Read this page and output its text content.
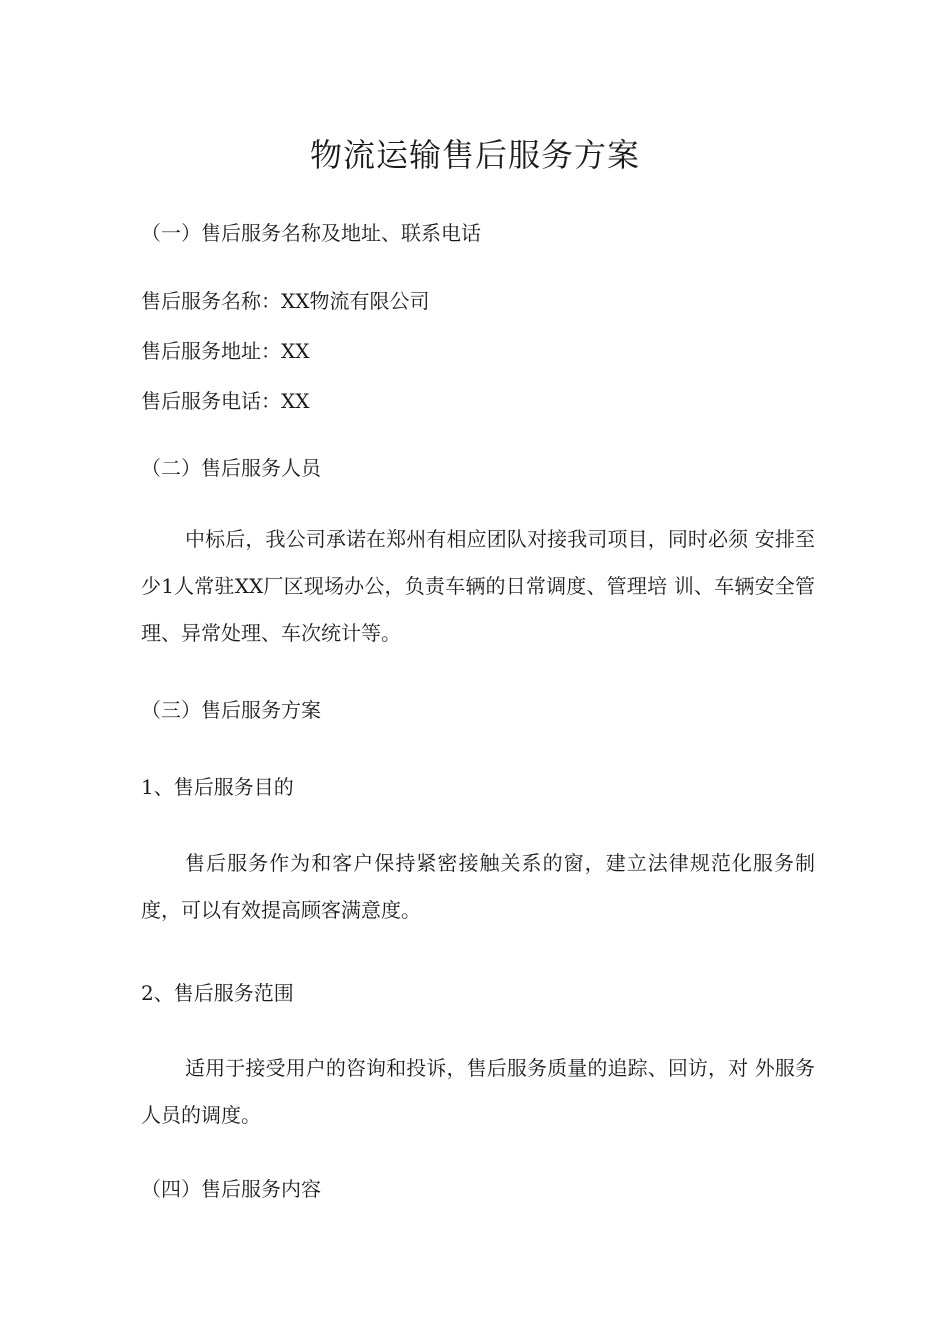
物流运输售后服务方案
（一）售后服务名称及地址、联系电话
售后服务名称：XX物流有限公司
售后服务地址：XX
售后服务电话：XX
（二）售后服务人员
中标后，我公司承诺在郑州有相应团队对接我司项目，同时必须 安排至少1人常驻XX厂区现场办公，负责车辆的日常调度、管理培 训、车辆安全管理、异常处理、车次统计等。
（三）售后服务方案
1、售后服务目的
售后服务作为和客户保持紧密接触关系的窗，建立法律规范化服务制度，可以有效提高顾客满意度。
2、售后服务范围
适用于接受用户的咨询和投诉，售后服务质量的追踪、回访，对 外服务人员的调度。
（四）售后服务内容
